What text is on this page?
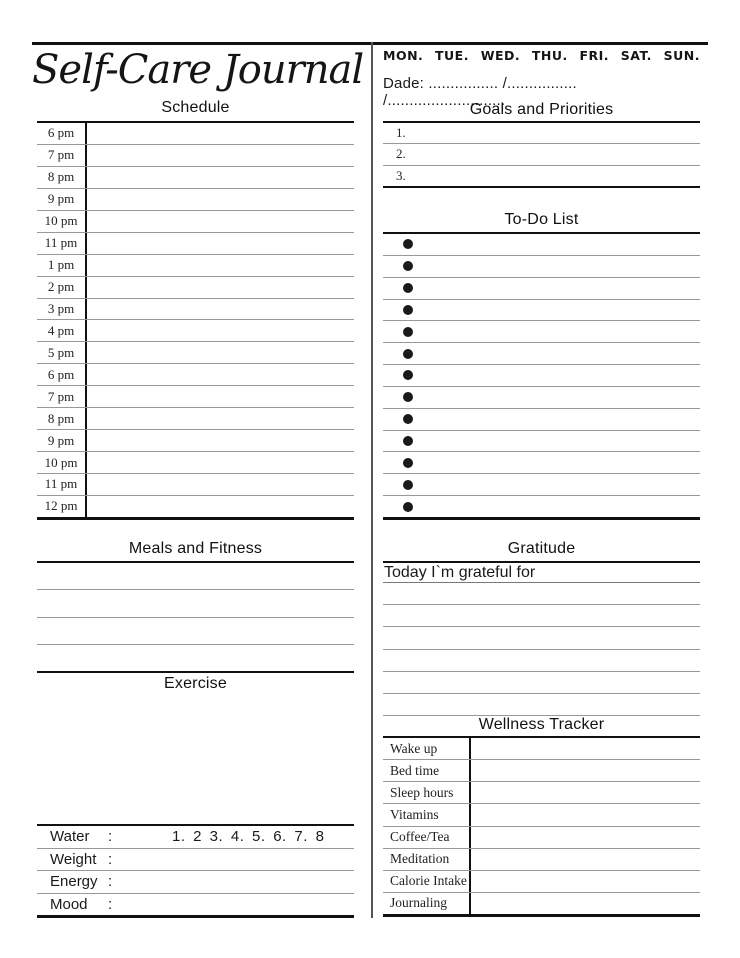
Self-Care Journal
Schedule
6 pm
7 pm
8 pm
9 pm
10 pm
11 pm
1 pm
2 pm
3 pm
4 pm
5 pm
6 pm
7 pm
8 pm
9 pm
10 pm
11 pm
12 pm
Meals and Fitness
Exercise
Water	:	1. 2 3. 4. 5. 6. 7. 8
Weight :
Energy :
Mood	:
MON. TUE. WED. THU. FRI. SAT. SUN.
Dade: ................ /................ /...........................
Goals and Priorities
1.
2.
3.
To-Do List
Gratitude
Today I`m grateful for
Wellness Tracker
Wake up
Bed time
Sleep hours
Vitamins
Coffee/Tea
Meditation
Calorie Intake
Journaling
